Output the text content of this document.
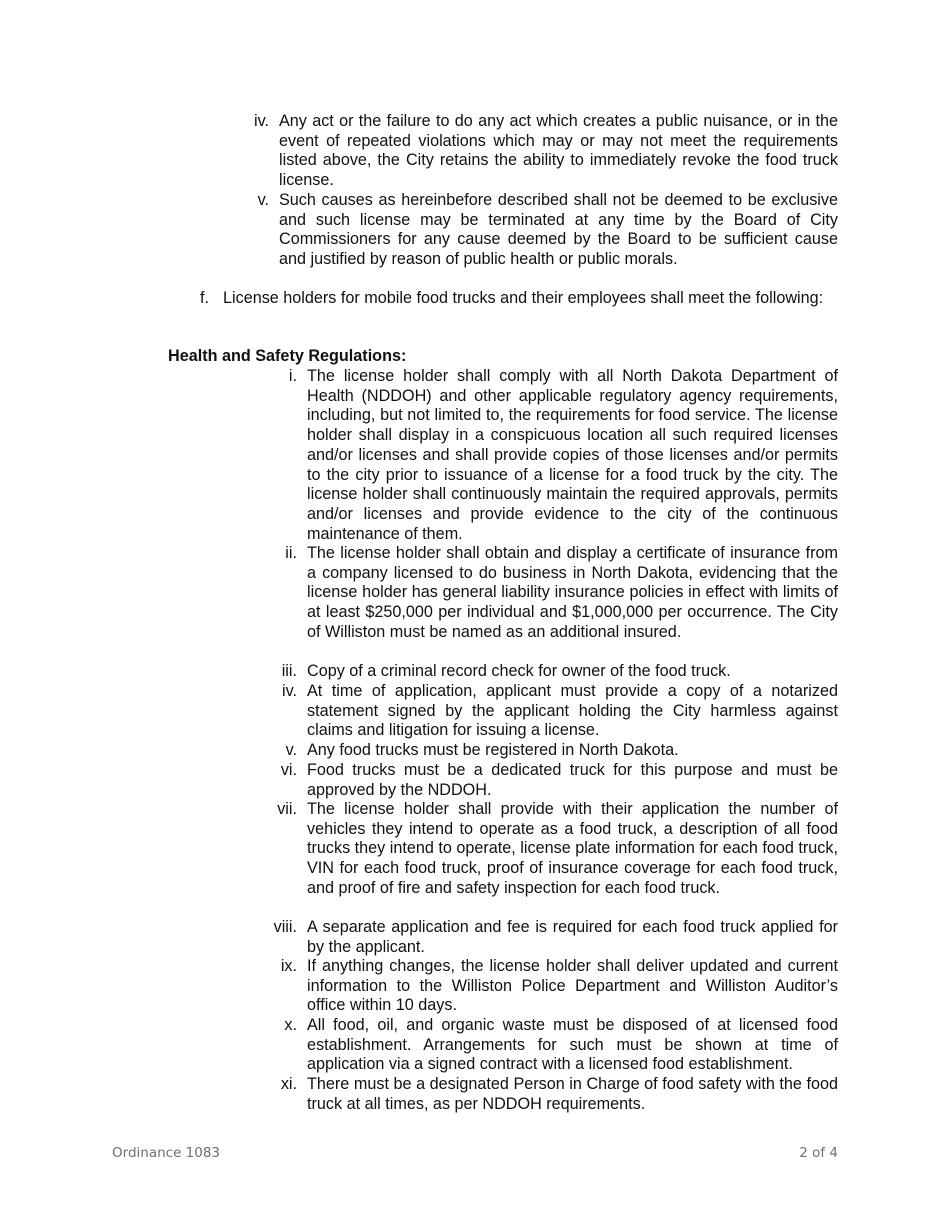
iv. Any act or the failure to do any act which creates a public nuisance, or in the event of repeated violations which may or may not meet the requirements listed above, the City retains the ability to immediately revoke the food truck license.
v. Such causes as hereinbefore described shall not be deemed to be exclusive and such license may be terminated at any time by the Board of City Commissioners for any cause deemed by the Board to be sufficient cause and justified by reason of public health or public morals.
f. License holders for mobile food trucks and their employees shall meet the following:
Health and Safety Regulations:
i. The license holder shall comply with all North Dakota Department of Health (NDDOH) and other applicable regulatory agency requirements, including, but not limited to, the requirements for food service. The license holder shall display in a conspicuous location all such required licenses and/or licenses and shall provide copies of those licenses and/or permits to the city prior to issuance of a license for a food truck by the city. The license holder shall continuously maintain the required approvals, permits and/or licenses and provide evidence to the city of the continuous maintenance of them.
ii. The license holder shall obtain and display a certificate of insurance from a company licensed to do business in North Dakota, evidencing that the license holder has general liability insurance policies in effect with limits of at least $250,000 per individual and $1,000,000 per occurrence. The City of Williston must be named as an additional insured.
iii. Copy of a criminal record check for owner of the food truck.
iv. At time of application, applicant must provide a copy of a notarized statement signed by the applicant holding the City harmless against claims and litigation for issuing a license.
v. Any food trucks must be registered in North Dakota.
vi. Food trucks must be a dedicated truck for this purpose and must be approved by the NDDOH.
vii. The license holder shall provide with their application the number of vehicles they intend to operate as a food truck, a description of all food trucks they intend to operate, license plate information for each food truck, VIN for each food truck, proof of insurance coverage for each food truck, and proof of fire and safety inspection for each food truck.
viii. A separate application and fee is required for each food truck applied for by the applicant.
ix. If anything changes, the license holder shall deliver updated and current information to the Williston Police Department and Williston Auditor’s office within 10 days.
x. All food, oil, and organic waste must be disposed of at licensed food establishment. Arrangements for such must be shown at time of application via a signed contract with a licensed food establishment.
xi. There must be a designated Person in Charge of food safety with the food truck at all times, as per NDDOH requirements.
Ordinance 1083	2 of 4
